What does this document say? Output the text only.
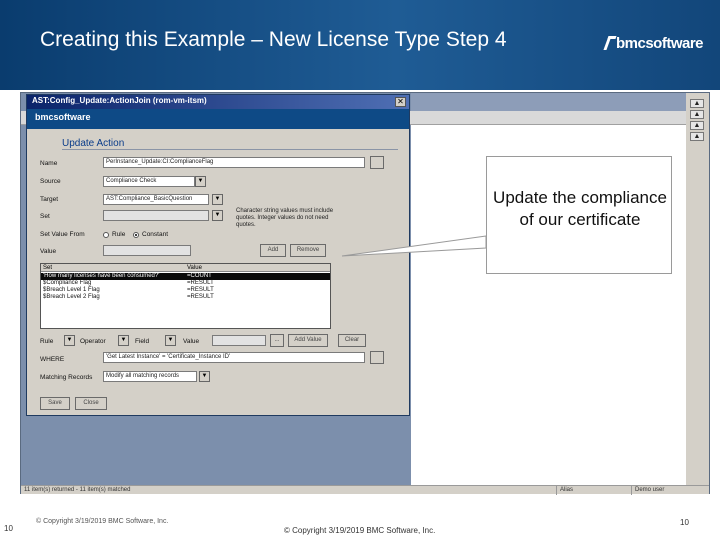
Creating this Example – New License Type Step 4	bmcsoftware
▲
▲
▲
▲
11 item(s) returned - 11 item(s) matched	Alias	Demo user
AST:Config_Update:ActionJoin (rom-vm-itsm)	✕
bmcsoftware
Update Action
Name	PerInstance_Update:CI:ComplianceFlag
Source	Compliance Check	▼
Target	AST:Compliance_BasicQuestion	▼
Set	▼
Character string values must include quotes. Integer values do not need quotes.
Set Value From	Rule	Constant
Value	Add	Remove
Set	Value
'How many licenses have been consumed?'	=COUNT
$Compliance Flag	=RESULT
$Breach Level 1 Flag	=RESULT
$Breach Level 2 Flag	=RESULT
Rule	▼	Operator	▼	Field	▼	Value	...	Add Value	Clear
WHERE	'Get Latest Instance' = 'Certificate_Instance ID'
Matching Records	Modify all matching records	▼
Save	Close
Update the compliance of our certificate
10
© Copyright 3/19/2019 BMC Software, Inc.
© Copyright 3/19/2019 BMC Software, Inc.
10
